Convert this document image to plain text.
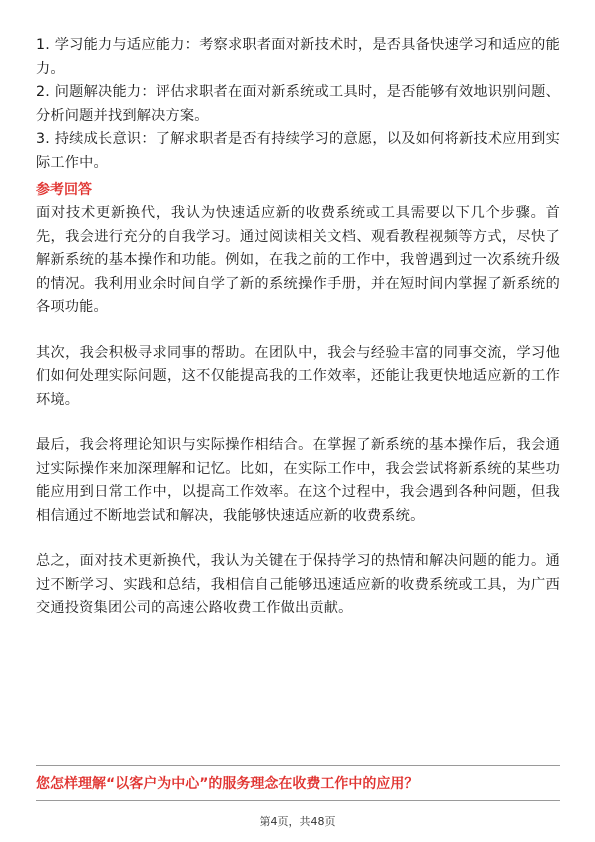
1. 学习能力与适应能力：考察求职者面对新技术时，是否具备快速学习和适应的能力。

2. 问题解决能力：评估求职者在面对新系统或工具时，是否能够有效地识别问题、分析问题并找到解决方案。

3. 持续成长意识：了解求职者是否有持续学习的意愿，以及如何将新技术应用到实际工作中。

参考回答

面对技术更新换代，我认为快速适应新的收费系统或工具需要以下几个步骤。首先，我会进行充分的自我学习。通过阅读相关文档、观看教程视频等方式，尽快了解新系统的基本操作和功能。例如，在我之前的工作中，我曾遇到过一次系统升级的情况。我利用业余时间自学了新的系统操作手册，并在短时间内掌握了新系统的各项功能。

其次，我会积极寻求同事的帮助。在团队中，我会与经验丰富的同事交流，学习他们如何处理实际问题，这不仅能提高我的工作效率，还能让我更快地适应新的工作环境。

最后，我会将理论知识与实际操作相结合。在掌握了新系统的基本操作后，我会通过实际操作来加深理解和记忆。比如，在实际工作中，我会尝试将新系统的某些功能应用到日常工作中，以提高工作效率。在这个过程中，我会遇到各种问题，但我相信通过不断地尝试和解决，我能够快速适应新的收费系统。

总之，面对技术更新换代，我认为关键在于保持学习的热情和解决问题的能力。通过不断学习、实践和总结，我相信自己能够迅速适应新的收费系统或工具，为广西交通投资集团公司的高速公路收费工作做出贡献。

您怎样理解“以客户为中心”的服务理念在收费工作中的应用？
第4页，共48页
